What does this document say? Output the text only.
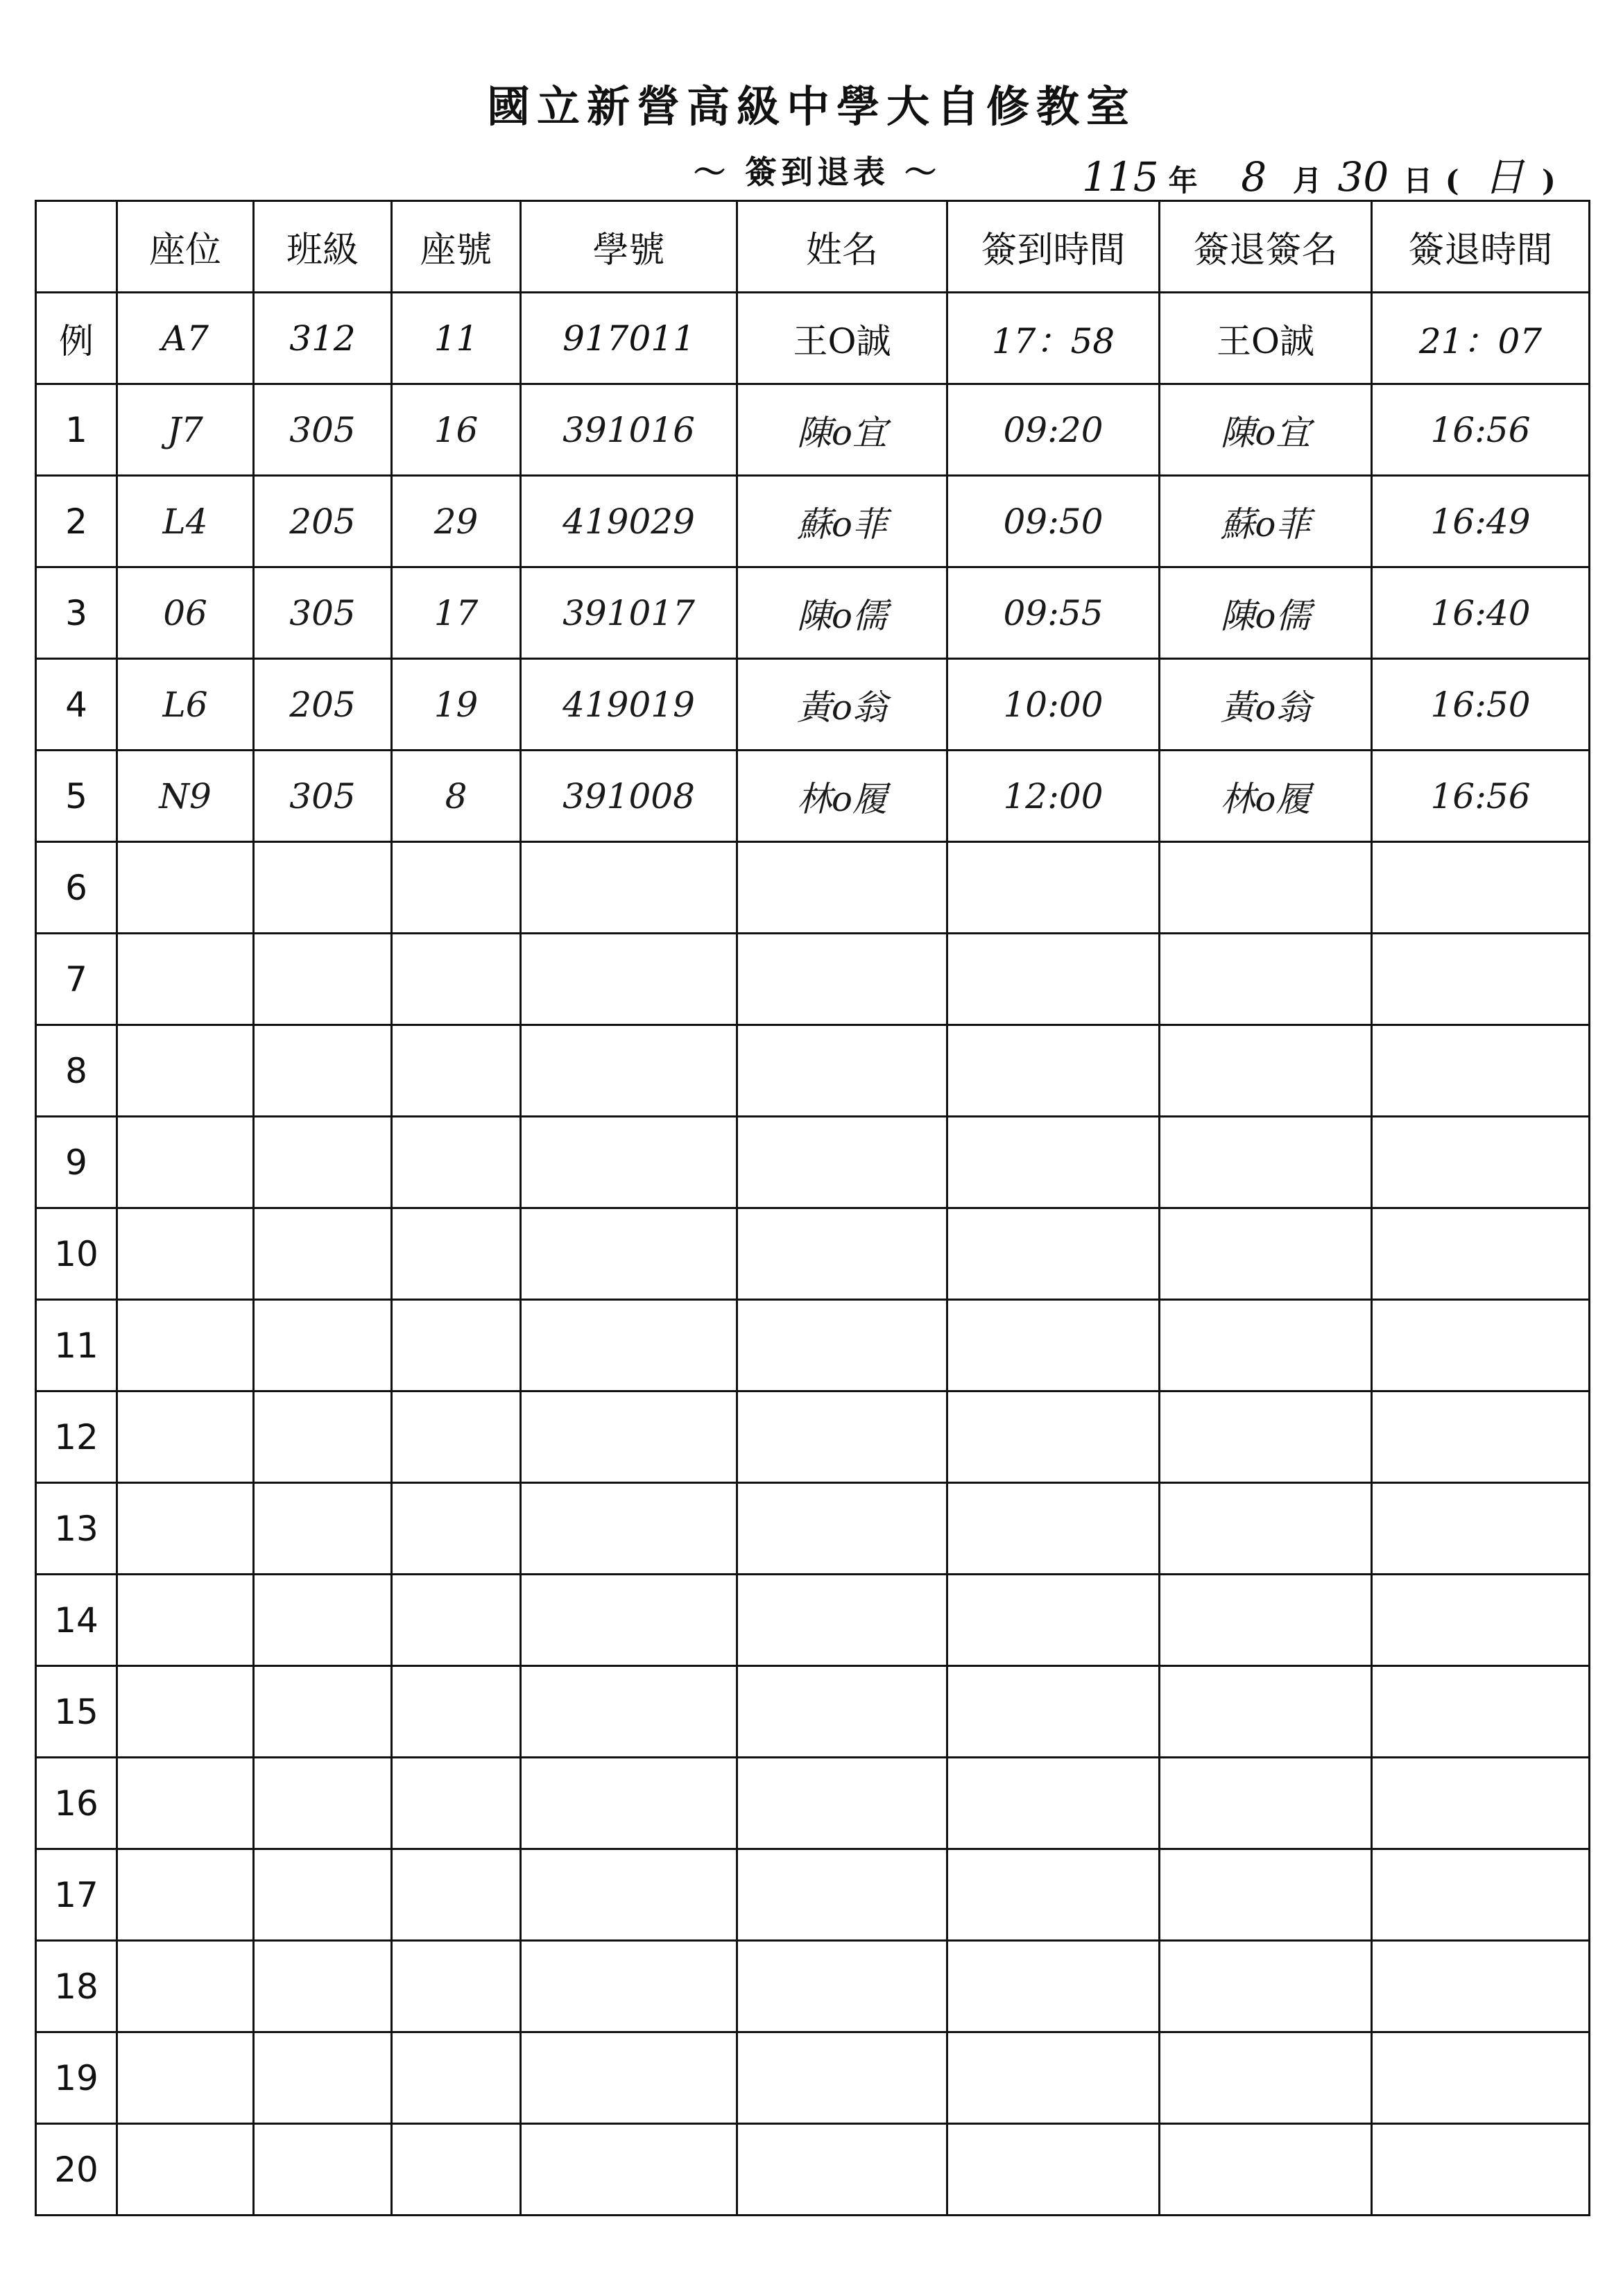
國立新營高級中學大自修教室
〜 簽到退表 〜	115 年 8 月 30 日 ( 日 )
	座位	班級	座號	學號	姓名	簽到時間	簽退簽名	簽退時間
例	A7	312	11	917011	王O誠	17：58	王O誠	21：07
1	J7	305	16	391016	陳o宜	09:20	陳o宜	16:56
2	L4	205	29	419029	蘇o菲	09:50	蘇o菲	16:49
3	06	305	17	391017	陳o儒	09:55	陳o儒	16:40
4	L6	205	19	419019	黃o翁	10:00	黃o翁	16:50
5	N9	305	8	391008	林o履	12:00	林o履	16:56
6								
7								
8								
9								
10								
11								
12								
13								
14								
15								
16								
17								
18								
19								
20								
